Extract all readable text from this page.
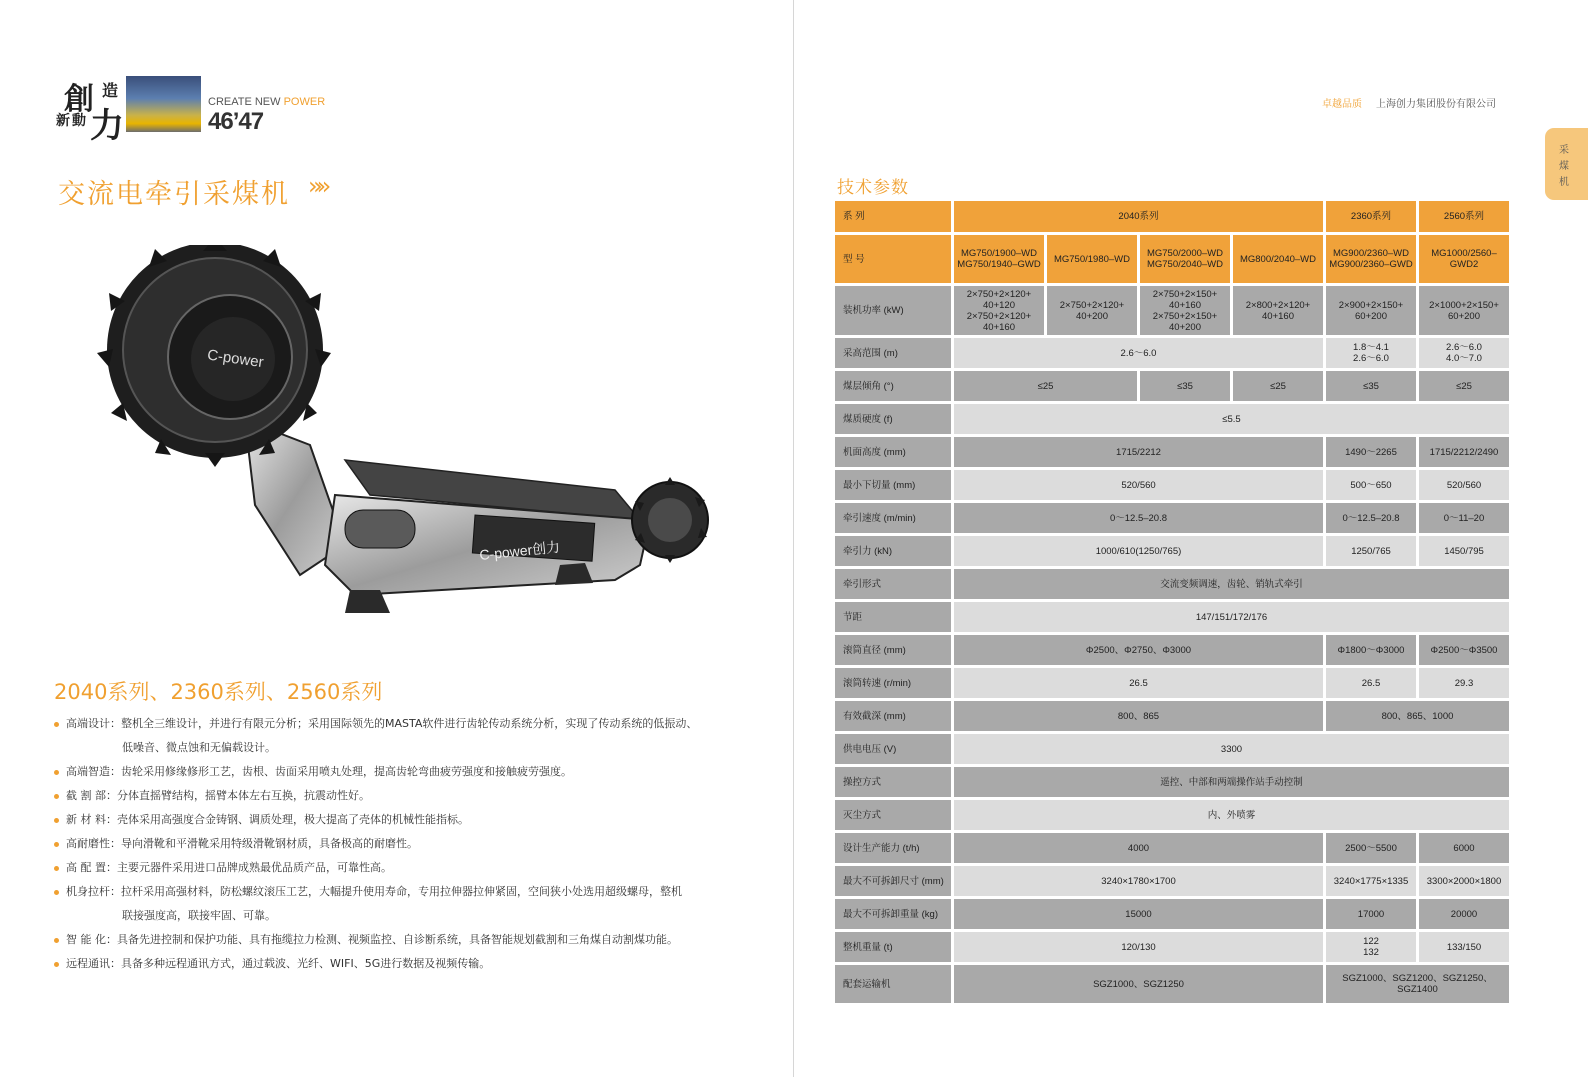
創 造
新 動 力
CREATE NEW POWER
46’47
交流电牵引采煤机 »»
C-power
C-power创力
2040系列、2360系列、2560系列
高端设计：整机全三维设计，并进行有限元分析；采用国际领先的MASTA软件进行齿轮传动系统分析，实现了传动系统的低振动、
低噪音、微点蚀和无偏载设计。
高端智造：齿轮采用修缘修形工艺，齿根、齿面采用喷丸处理，提高齿轮弯曲疲劳强度和接触疲劳强度。
截 割 部：分体直摇臂结构，摇臂本体左右互换，抗震动性好。
新 材 料：壳体采用高强度合金铸钢、调质处理，极大提高了壳体的机械性能指标。
高耐磨性：导向滑靴和平滑靴采用特级滑靴钢材质，具备极高的耐磨性。
高 配 置：主要元器件采用进口品牌成熟最优品质产品，可靠性高。
机身拉杆：拉杆采用高强材料，防松螺纹滚压工艺，大幅提升使用寿命，专用拉伸器拉伸紧固，空间狭小处选用超级螺母，整机
联接强度高，联接牢固、可靠。
智 能 化：具备先进控制和保护功能、具有拖缆拉力检测、视频监控、自诊断系统，具备智能规划截割和三角煤自动割煤功能。
远程通讯：具备多种远程通讯方式，通过载波、光纤、WIFI、5G进行数据及视频传输。
卓越品质 上海创力集团股份有限公司
采
煤
机
技术参数
系 列	2040系列				2360系列	2560系列
型 号	MG750/1900–WD
MG750/1940–GWD	MG750/1980–WD	MG750/2000–WD
MG750/2040–WD	MG800/2040–WD	MG900/2360–WD
MG900/2360–GWD	MG1000/2560–
GWD2
装机功率 (kW)	2×750+2×120+
40+120
2×750+2×120+
40+160	2×750+2×120+
40+200	2×750+2×150+
40+160
2×750+2×150+
40+200	2×800+2×120+
40+160	2×900+2×150+
60+200	2×1000+2×150+
60+200
采高范围 (m)	2.6～6.0				1.8～4.1
2.6～6.0	2.6～6.0
4.0～7.0
煤层倾角 (°)	≤25		≤35	≤25	≤35	≤25
煤质硬度 (f)	≤5.5					
机面高度 (mm)	1715/2212				1490～2265	1715/2212/2490
最小下切量 (mm)	520/560				500～650	520/560
牵引速度 (m/min)	0～12.5–20.8				0～12.5–20.8	0～11–20
牵引力 (kN)	1000/610(1250/765)				1250/765	1450/795
牵引形式	交流变频调速，齿轮、销轨式牵引					
节距	147/151/172/176					
滚筒直径 (mm)	Φ2500、Φ2750、Φ3000				Φ1800～Φ3000	Φ2500～Φ3500
滚筒转速 (r/min)	26.5				26.5	29.3
有效截深 (mm)	800、865				800、865、1000	
供电电压 (V)	3300					
操控方式	遥控、中部和两端操作站手动控制					
灭尘方式	内、外喷雾					
设计生产能力 (t/h)	4000				2500～5500	6000
最大不可拆卸尺寸 (mm)	3240×1780×1700				3240×1775×1335	3300×2000×1800
最大不可拆卸重量 (kg)	15000				17000	20000
整机重量 (t)	120/130				122
132	133/150
配套运输机	SGZ1000、SGZ1250				SGZ1000、SGZ1200、SGZ1250、
SGZ1400	
